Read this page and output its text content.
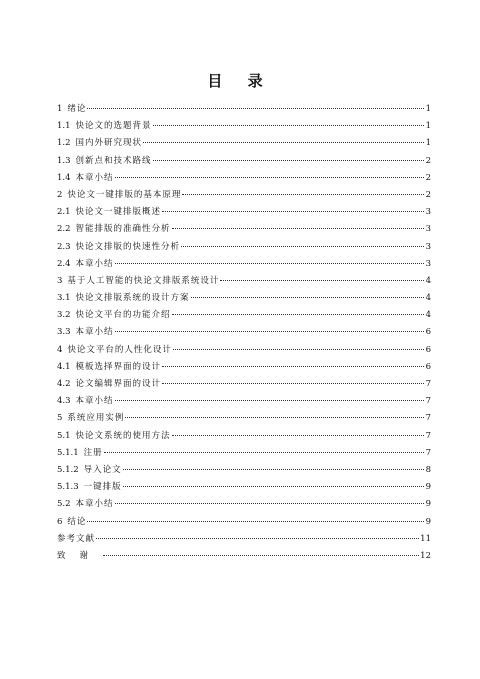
目 录
1 绪论	1
1.1 快论文的选题背景	1
1.2 国内外研究现状	1
1.3 创新点和技术路线	2
1.4 本章小结	2
2 快论文一键排版的基本原理	2
2.1 快论文一键排版概述	3
2.2 智能排版的准确性分析	3
2.3 快论文排版的快速性分析	3
2.4 本章小结	3
3 基于人工智能的快论文排版系统设计	4
3.1 快论文排版系统的设计方案	4
3.2 快论文平台的功能介绍	4
3.3 本章小结	6
4 快论文平台的人性化设计	6
4.1 模板选择界面的设计	6
4.2 论文编辑界面的设计	7
4.3 本章小结	7
5 系统应用实例	7
5.1 快论文系统的使用方法	7
5.1.1 注册	7
5.1.2 导入论文	8
5.1.3 一键排版	9
5.2 本章小结	9
6 结论	9
参考文献	11
致谢	12
